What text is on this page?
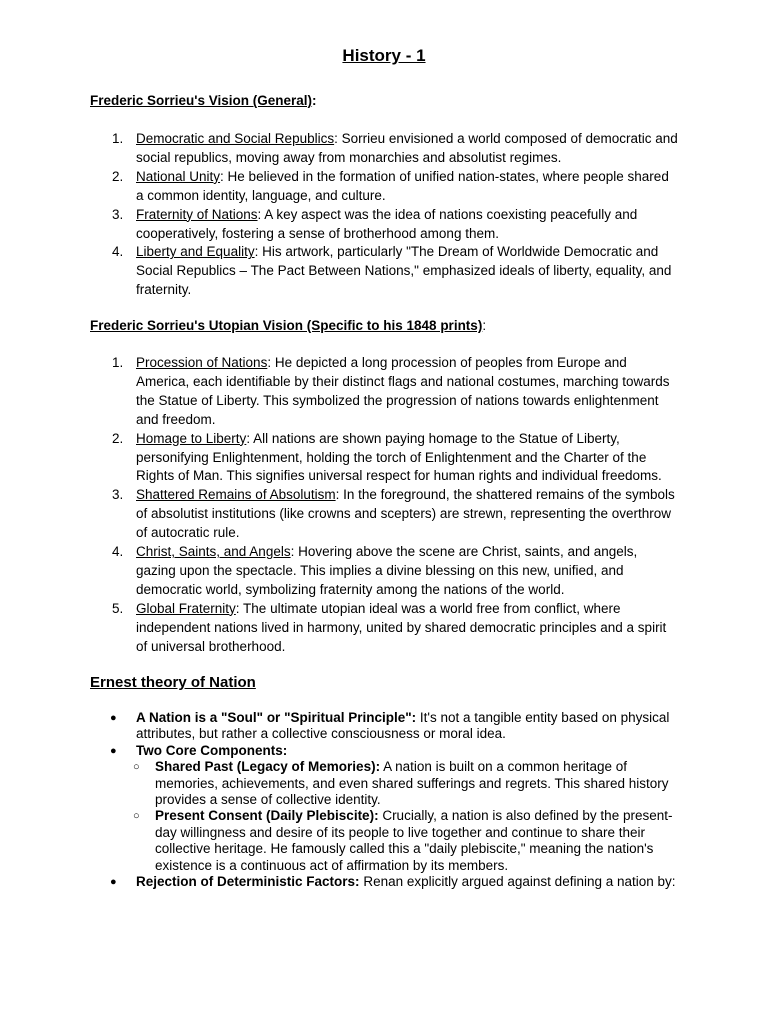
History - 1
Frederic Sorrieu's Vision (General):
1. Democratic and Social Republics: Sorrieu envisioned a world composed of democratic and social republics, moving away from monarchies and absolutist regimes.
2. National Unity: He believed in the formation of unified nation-states, where people shared a common identity, language, and culture.
3. Fraternity of Nations: A key aspect was the idea of nations coexisting peacefully and cooperatively, fostering a sense of brotherhood among them.
4. Liberty and Equality: His artwork, particularly "The Dream of Worldwide Democratic and Social Republics – The Pact Between Nations," emphasized ideals of liberty, equality, and fraternity.
Frederic Sorrieu's Utopian Vision (Specific to his 1848 prints):
1. Procession of Nations: He depicted a long procession of peoples from Europe and America, each identifiable by their distinct flags and national costumes, marching towards the Statue of Liberty. This symbolized the progression of nations towards enlightenment and freedom.
2. Homage to Liberty: All nations are shown paying homage to the Statue of Liberty, personifying Enlightenment, holding the torch of Enlightenment and the Charter of the Rights of Man. This signifies universal respect for human rights and individual freedoms.
3. Shattered Remains of Absolutism: In the foreground, the shattered remains of the symbols of absolutist institutions (like crowns and scepters) are strewn, representing the overthrow of autocratic rule.
4. Christ, Saints, and Angels: Hovering above the scene are Christ, saints, and angels, gazing upon the spectacle. This implies a divine blessing on this new, unified, and democratic world, symbolizing fraternity among the nations of the world.
5. Global Fraternity: The ultimate utopian ideal was a world free from conflict, where independent nations lived in harmony, united by shared democratic principles and a spirit of universal brotherhood.
Ernest theory of Nation
● A Nation is a "Soul" or "Spiritual Principle": It's not a tangible entity based on physical attributes, but rather a collective consciousness or moral idea.
● Two Core Components:
○ Shared Past (Legacy of Memories): A nation is built on a common heritage of memories, achievements, and even shared sufferings and regrets. This shared history provides a sense of collective identity.
○ Present Consent (Daily Plebiscite): Crucially, a nation is also defined by the present-day willingness and desire of its people to live together and continue to share their collective heritage. He famously called this a "daily plebiscite," meaning the nation's existence is a continuous act of affirmation by its members.
● Rejection of Deterministic Factors: Renan explicitly argued against defining a nation by:
